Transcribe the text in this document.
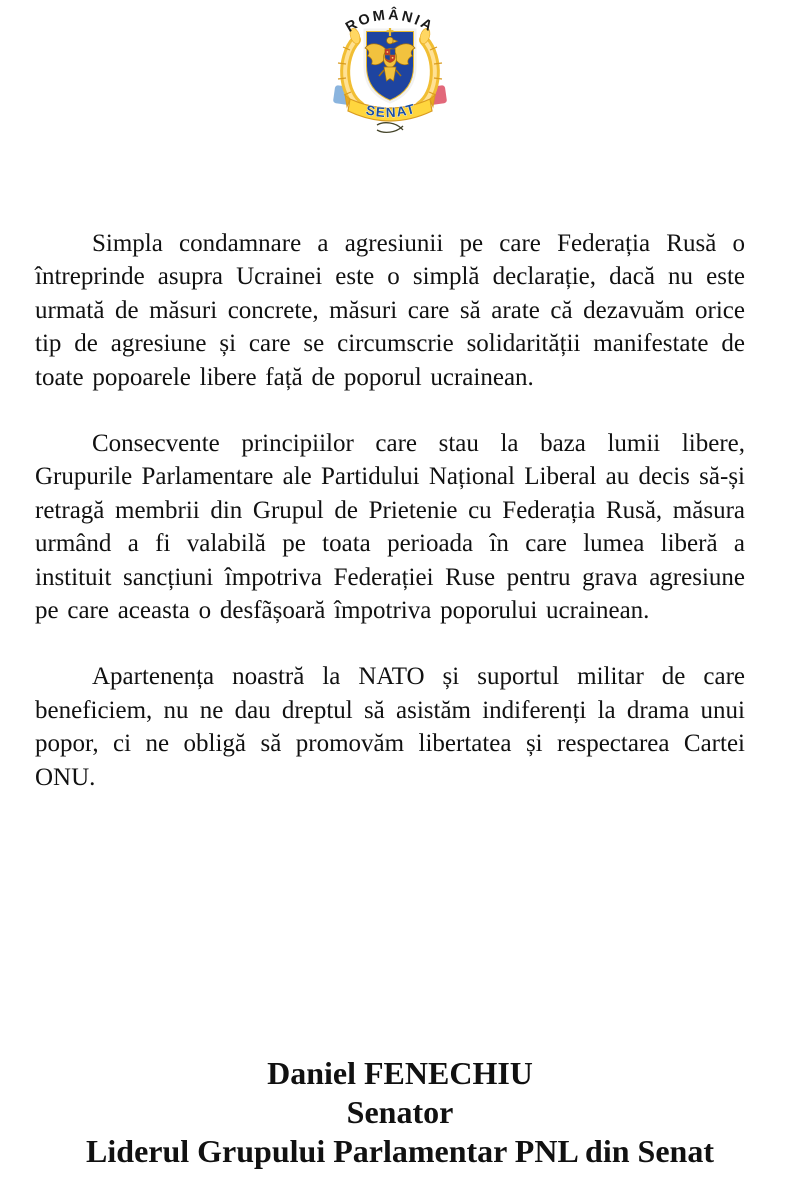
SENAT
ROMÂNIA

Simpla condamnare a agresiunii pe care Federația Rusă o întreprinde asupra Ucrainei este o simplă declarație, dacă nu este urmată de măsuri concrete, măsuri care să arate că dezavuăm orice tip de agresiune și care se circumscrie solidarității manifestate de toate popoarele libere față de poporul ucrainean.

Consecvente principiilor care stau la baza lumii libere, Grupurile Parlamentare ale Partidului Național Liberal au decis să-și retragă membrii din Grupul de Prietenie cu Federația Rusă, măsura urmând a fi valabilă pe toata perioada în care lumea liberă a instituit sancțiuni împotriva Federației Ruse pentru grava agresiune pe care aceasta o desfãșoară împotriva poporului ucrainean.

Apartenența noastră la NATO și suportul militar de care beneficiem, nu ne dau dreptul să asistăm indiferenți la drama unui popor, ci ne obligă să promovăm libertatea și respectarea Cartei ONU.

Daniel FENECHIU
Senator
Liderul Grupului Parlamentar PNL din Senat
